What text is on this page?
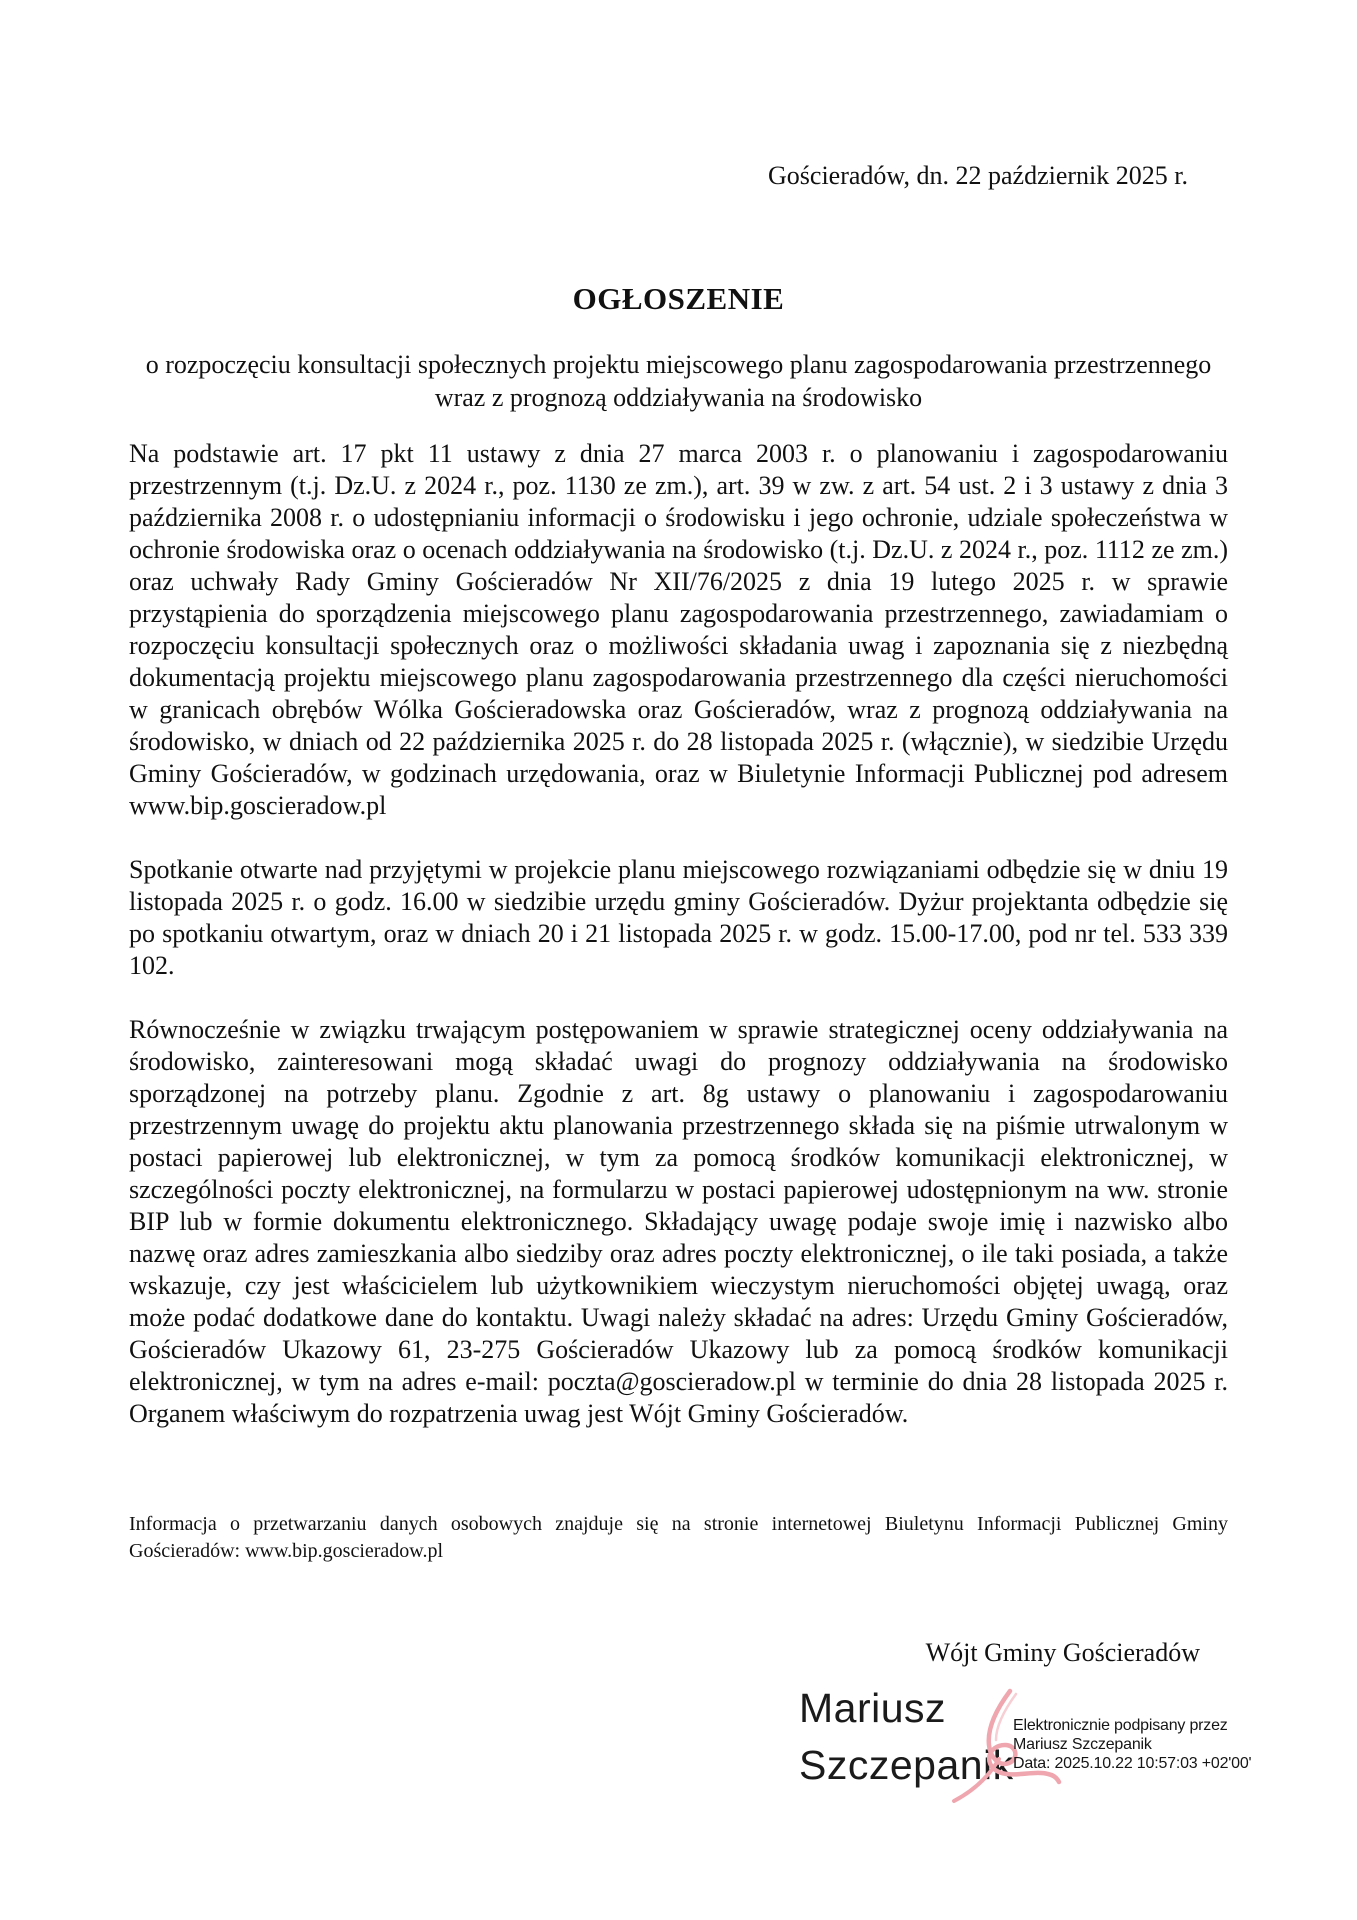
Gościeradów, dn. 22 październik 2025 r.
OGŁOSZENIE
o rozpoczęciu konsultacji społecznych projektu miejscowego planu zagospodarowania przestrzennego
wraz z prognozą oddziaływania na środowisko

Na podstawie art. 17 pkt 11 ustawy z dnia 27 marca 2003 r. o planowaniu i zagospodarowaniu przestrzennym (t.j. Dz.U. z 2024 r., poz. 1130 ze zm.), art. 39 w zw. z art. 54 ust. 2 i 3 ustawy z dnia 3 października 2008 r. o udostępnianiu informacji o środowisku i jego ochronie, udziale społeczeństwa w ochronie środowiska oraz o ocenach oddziaływania na środowisko (t.j. Dz.U. z 2024 r., poz. 1112 ze zm.) oraz uchwały Rady Gminy Gościeradów Nr XII/76/2025 z dnia 19 lutego 2025 r. w sprawie przystąpienia do sporządzenia miejscowego planu zagospodarowania przestrzennego, zawiadamiam o rozpoczęciu konsultacji społecznych oraz o możliwości składania uwag i zapoznania się z niezbędną dokumentacją projektu miejscowego planu zagospodarowania przestrzennego dla części nieruchomości w granicach obrębów Wólka Gościeradowska oraz Gościeradów, wraz z prognozą oddziaływania na środowisko, w dniach od 22 października 2025 r. do 28 listopada 2025 r. (włącznie), w siedzibie Urzędu Gminy Gościeradów, w godzinach urzędowania, oraz w Biuletynie Informacji Publicznej pod adresem www.bip.goscieradow.pl

Spotkanie otwarte nad przyjętymi w projekcie planu miejscowego rozwiązaniami odbędzie się w dniu 19 listopada 2025 r. o godz. 16.00 w siedzibie urzędu gminy Gościeradów. Dyżur projektanta odbędzie się po spotkaniu otwartym, oraz w dniach 20 i 21 listopada 2025 r. w godz. 15.00-17.00, pod nr tel. 533 339 102.

Równocześnie w związku trwającym postępowaniem w sprawie strategicznej oceny oddziaływania na środowisko, zainteresowani mogą składać uwagi do prognozy oddziaływania na środowisko sporządzonej na potrzeby planu. Zgodnie z art. 8g ustawy o planowaniu i zagospodarowaniu przestrzennym uwagę do projektu aktu planowania przestrzennego składa się na piśmie utrwalonym w postaci papierowej lub elektronicznej, w tym za pomocą środków komunikacji elektronicznej, w szczególności poczty elektronicznej, na formularzu w postaci papierowej udostępnionym na ww. stronie BIP lub w formie dokumentu elektronicznego. Składający uwagę podaje swoje imię i nazwisko albo nazwę oraz adres zamieszkania albo siedziby oraz adres poczty elektronicznej, o ile taki posiada, a także wskazuje, czy jest właścicielem lub użytkownikiem wieczystym nieruchomości objętej uwagą, oraz może podać dodatkowe dane do kontaktu. Uwagi należy składać na adres: Urzędu Gminy Gościeradów, Gościeradów Ukazowy 61, 23-275 Gościeradów Ukazowy lub za pomocą środków komunikacji elektronicznej, w tym na adres e-mail: poczta@goscieradow.pl w terminie do dnia 28 listopada 2025 r. Organem właściwym do rozpatrzenia uwag jest Wójt Gminy Gościeradów.

Informacja o przetwarzaniu danych osobowych znajduje się na stronie internetowej Biuletynu Informacji Publicznej Gminy Gościeradów: www.bip.goscieradow.pl

Wójt Gminy Gościeradów
Mariusz
Szczepanik
Elektronicznie podpisany przez
Mariusz Szczepanik
Data: 2025.10.22 10:57:03 +02'00'
